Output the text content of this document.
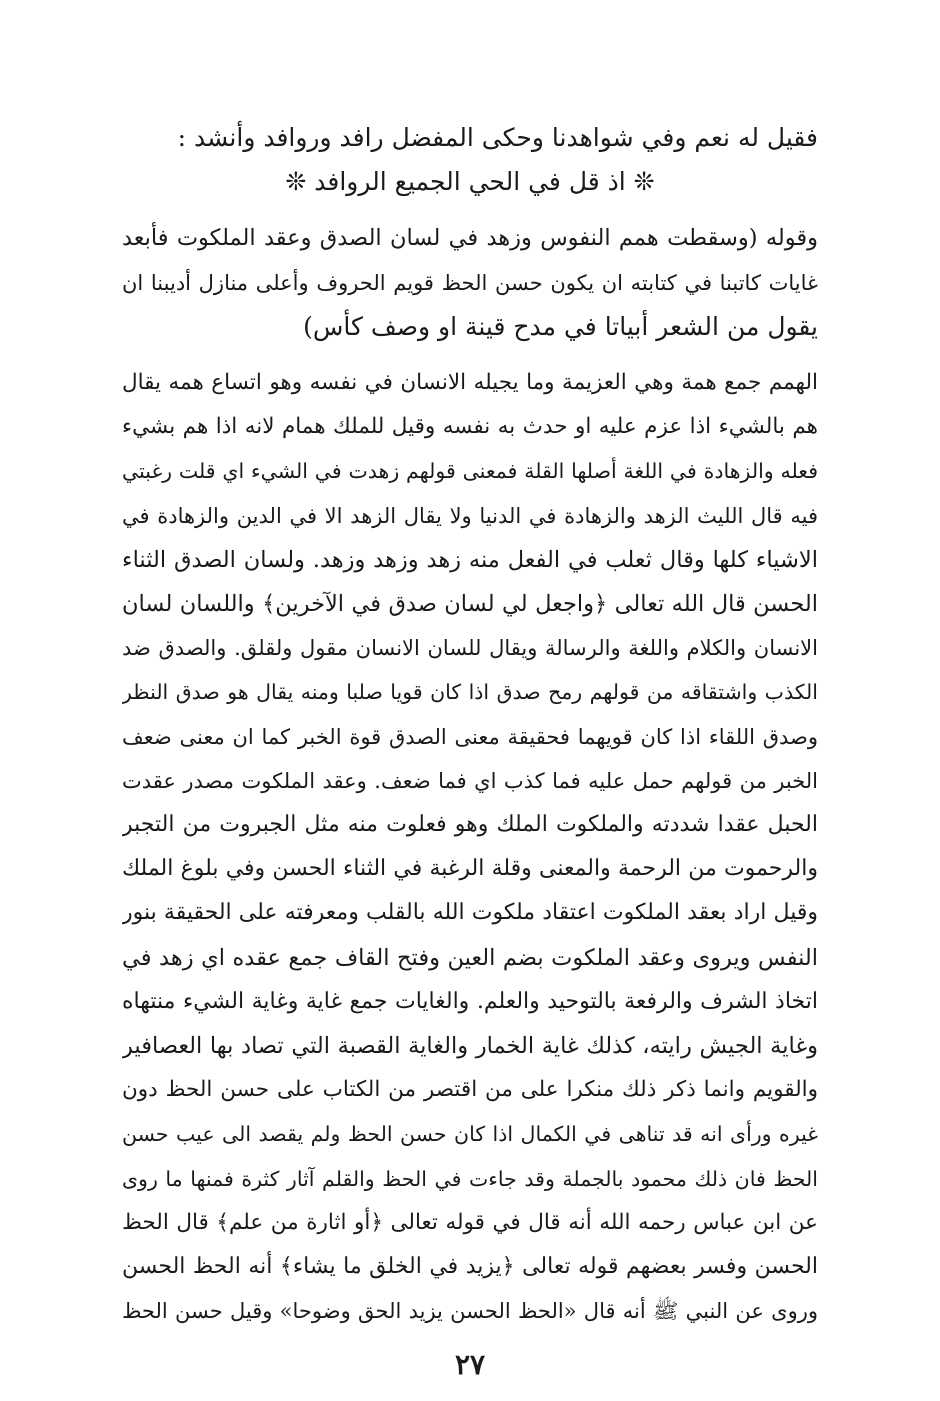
فقيل له نعم وفي شواهدنا وحكى المفضل رافد وروافد وأنشد :
❊ اذ قل في الحي الجميع الروافد ❊
وقوله (وسقطت همم النفوس وزهد في لسان الصدق وعقد الملكوت فأبعد
غايات كاتبنا في كتابته ان يكون حسن الحظ قويم الحروف وأعلى منازل أديبنا ان
يقول من الشعر أبياتا في مدح قينة او وصف كأس)
الهمم جمع همة وهي العزيمة وما يجيله الانسان في نفسه وهو اتساع همه يقال
هم بالشيء اذا عزم عليه او حدث به نفسه وقيل للملك همام لانه اذا هم بشيء
فعله والزهادة في اللغة أصلها القلة فمعنى قولهم زهدت في الشيء اي قلت رغبتي
فيه قال الليث الزهد والزهادة في الدنيا ولا يقال الزهد الا في الدين والزهادة في
الاشياء كلها وقال ثعلب في الفعل منه زهد وزهد وزهد. ولسان الصدق الثناء
الحسن قال الله تعالى ﴿واجعل لي لسان صدق في الآخرين﴾ واللسان لسان
الانسان والكلام واللغة والرسالة ويقال للسان الانسان مقول ولقلق. والصدق ضد
الكذب واشتقاقه من قولهم رمح صدق اذا كان قويا صلبا ومنه يقال هو صدق النظر
وصدق اللقاء اذا كان قويهما فحقيقة معنى الصدق قوة الخبر كما ان معنى ضعف
الخبر من قولهم حمل عليه فما كذب اي فما ضعف. وعقد الملكوت مصدر عقدت
الحبل عقدا شددته والملكوت الملك وهو فعلوت منه مثل الجبروت من التجبر
والرحموت من الرحمة والمعنى وقلة الرغبة في الثناء الحسن وفي بلوغ الملك
وقيل اراد بعقد الملكوت اعتقاد ملكوت الله بالقلب ومعرفته على الحقيقة بنور
النفس ويروى وعقد الملكوت بضم العين وفتح القاف جمع عقده اي زهد في
اتخاذ الشرف والرفعة بالتوحيد والعلم. والغايات جمع غاية وغاية الشيء منتهاه
وغاية الجيش رايته، كذلك غاية الخمار والغاية القصبة التي تصاد بها العصافير
والقويم وانما ذكر ذلك منكرا على من اقتصر من الكتاب على حسن الحظ دون
غيره ورأى انه قد تناهى في الكمال اذا كان حسن الحظ ولم يقصد الى عيب حسن
الحظ فان ذلك محمود بالجملة وقد جاءت في الحظ والقلم آثار كثرة فمنها ما روى
عن ابن عباس رحمه الله أنه قال في قوله تعالى ﴿أو اثارة من علم﴾ قال الحظ
الحسن وفسر بعضهم قوله تعالى ﴿يزيد في الخلق ما يشاء﴾ أنه الحظ الحسن
وروى عن النبي ﷺ أنه قال «الحظ الحسن يزيد الحق وضوحا» وقيل حسن الحظ
٢٧
